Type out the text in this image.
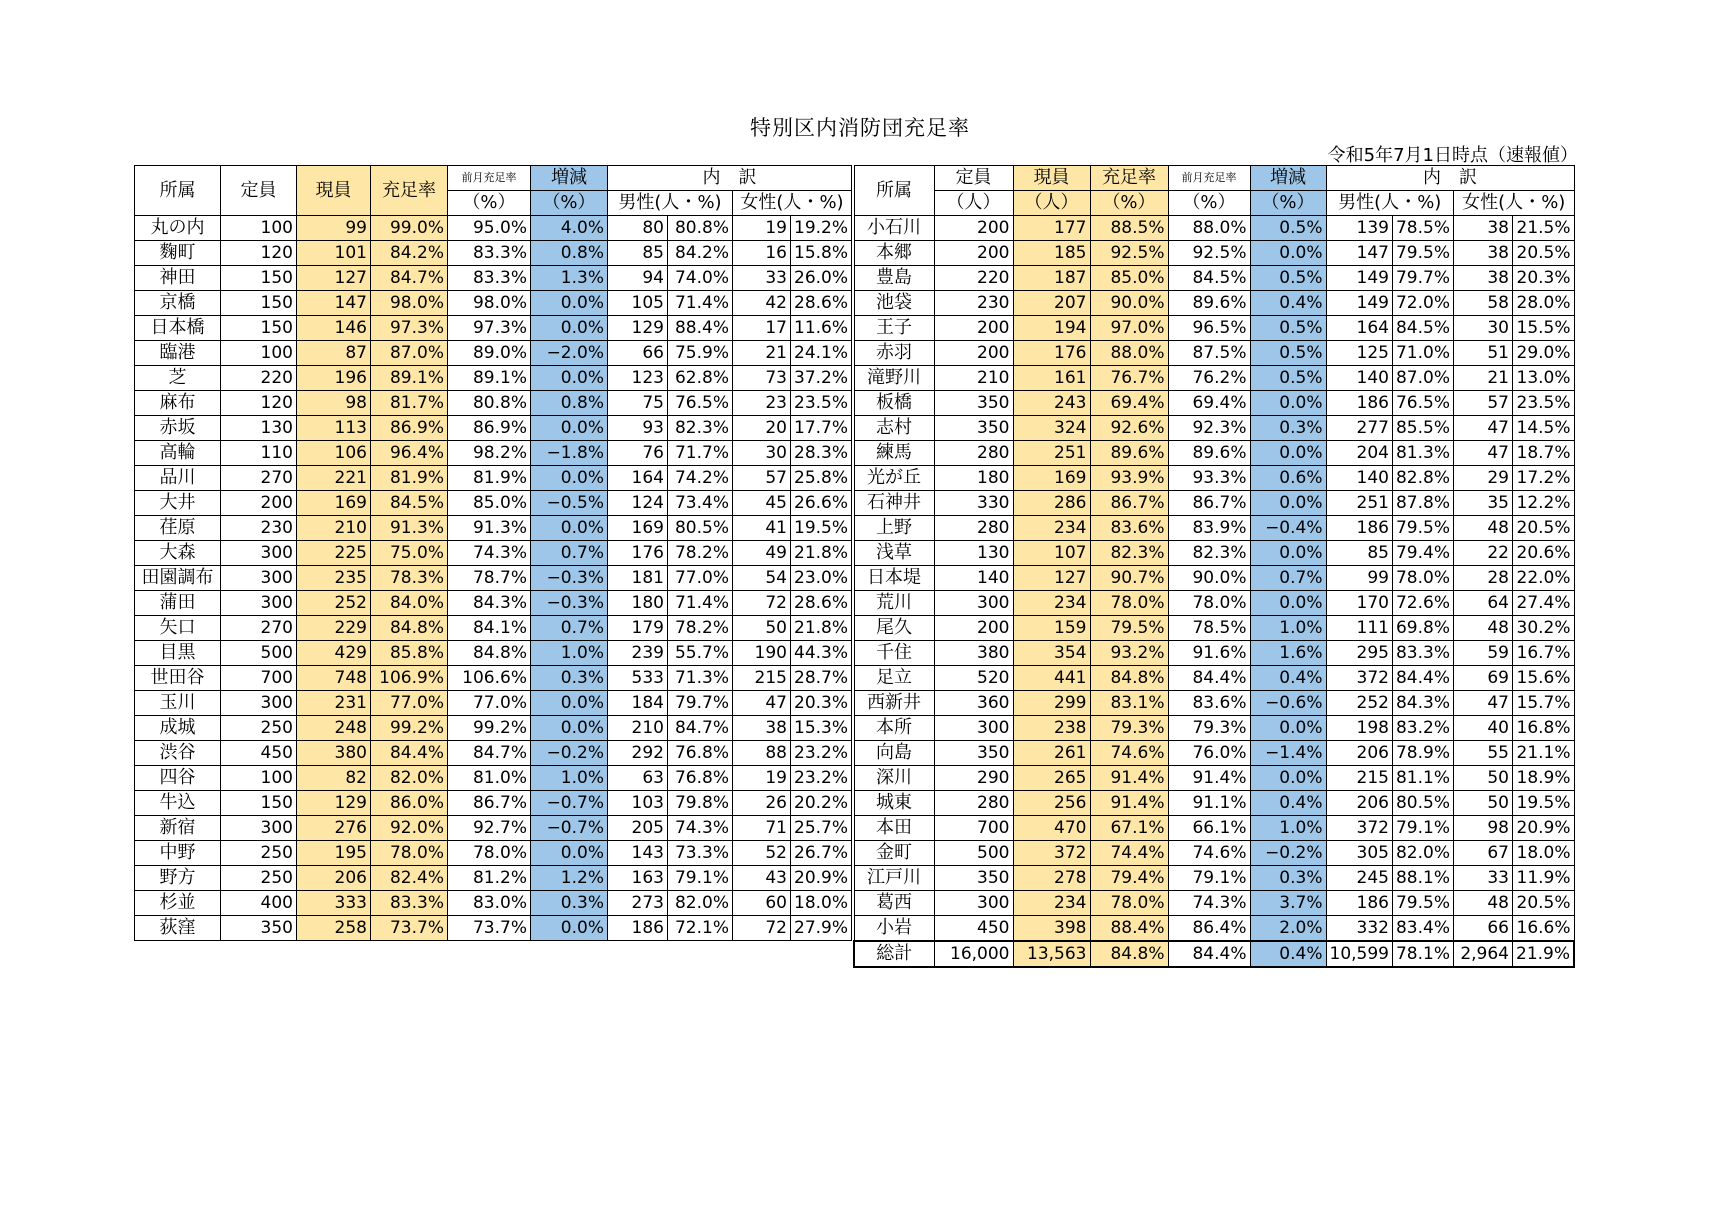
特別区内消防団充足率
令和5年7月1日時点（速報値）
所属	定員	現員	充足率	前月充足率	増減	内　訳			
				（%）	（%）	男性(人・%)		女性(人・%)	
丸の内	100	99	99.0%	95.0%	4.0%	80	80.8%	19	19.2%
麴町	120	101	84.2%	83.3%	0.8%	85	84.2%	16	15.8%
神田	150	127	84.7%	83.3%	1.3%	94	74.0%	33	26.0%
京橋	150	147	98.0%	98.0%	0.0%	105	71.4%	42	28.6%
日本橋	150	146	97.3%	97.3%	0.0%	129	88.4%	17	11.6%
臨港	100	87	87.0%	89.0%	−2.0%	66	75.9%	21	24.1%
芝	220	196	89.1%	89.1%	0.0%	123	62.8%	73	37.2%
麻布	120	98	81.7%	80.8%	0.8%	75	76.5%	23	23.5%
赤坂	130	113	86.9%	86.9%	0.0%	93	82.3%	20	17.7%
高輪	110	106	96.4%	98.2%	−1.8%	76	71.7%	30	28.3%
品川	270	221	81.9%	81.9%	0.0%	164	74.2%	57	25.8%
大井	200	169	84.5%	85.0%	−0.5%	124	73.4%	45	26.6%
荏原	230	210	91.3%	91.3%	0.0%	169	80.5%	41	19.5%
大森	300	225	75.0%	74.3%	0.7%	176	78.2%	49	21.8%
田園調布	300	235	78.3%	78.7%	−0.3%	181	77.0%	54	23.0%
蒲田	300	252	84.0%	84.3%	−0.3%	180	71.4%	72	28.6%
矢口	270	229	84.8%	84.1%	0.7%	179	78.2%	50	21.8%
目黒	500	429	85.8%	84.8%	1.0%	239	55.7%	190	44.3%
世田谷	700	748	106.9%	106.6%	0.3%	533	71.3%	215	28.7%
玉川	300	231	77.0%	77.0%	0.0%	184	79.7%	47	20.3%
成城	250	248	99.2%	99.2%	0.0%	210	84.7%	38	15.3%
渋谷	450	380	84.4%	84.7%	−0.2%	292	76.8%	88	23.2%
四谷	100	82	82.0%	81.0%	1.0%	63	76.8%	19	23.2%
牛込	150	129	86.0%	86.7%	−0.7%	103	79.8%	26	20.2%
新宿	300	276	92.0%	92.7%	−0.7%	205	74.3%	71	25.7%
中野	250	195	78.0%	78.0%	0.0%	143	73.3%	52	26.7%
野方	250	206	82.4%	81.2%	1.2%	163	79.1%	43	20.9%
杉並	400	333	83.3%	83.0%	0.3%	273	82.0%	60	18.0%
荻窪	350	258	73.7%	73.7%	0.0%	186	72.1%	72	27.9%
所属	定員	現員	充足率	前月充足率	増減	内　訳			
	（人）	（人）	（%）	（%）	（%）	男性(人・%)		女性(人・%)	
小石川	200	177	88.5%	88.0%	0.5%	139	78.5%	38	21.5%
本郷	200	185	92.5%	92.5%	0.0%	147	79.5%	38	20.5%
豊島	220	187	85.0%	84.5%	0.5%	149	79.7%	38	20.3%
池袋	230	207	90.0%	89.6%	0.4%	149	72.0%	58	28.0%
王子	200	194	97.0%	96.5%	0.5%	164	84.5%	30	15.5%
赤羽	200	176	88.0%	87.5%	0.5%	125	71.0%	51	29.0%
滝野川	210	161	76.7%	76.2%	0.5%	140	87.0%	21	13.0%
板橋	350	243	69.4%	69.4%	0.0%	186	76.5%	57	23.5%
志村	350	324	92.6%	92.3%	0.3%	277	85.5%	47	14.5%
練馬	280	251	89.6%	89.6%	0.0%	204	81.3%	47	18.7%
光が丘	180	169	93.9%	93.3%	0.6%	140	82.8%	29	17.2%
石神井	330	286	86.7%	86.7%	0.0%	251	87.8%	35	12.2%
上野	280	234	83.6%	83.9%	−0.4%	186	79.5%	48	20.5%
浅草	130	107	82.3%	82.3%	0.0%	85	79.4%	22	20.6%
日本堤	140	127	90.7%	90.0%	0.7%	99	78.0%	28	22.0%
荒川	300	234	78.0%	78.0%	0.0%	170	72.6%	64	27.4%
尾久	200	159	79.5%	78.5%	1.0%	111	69.8%	48	30.2%
千住	380	354	93.2%	91.6%	1.6%	295	83.3%	59	16.7%
足立	520	441	84.8%	84.4%	0.4%	372	84.4%	69	15.6%
西新井	360	299	83.1%	83.6%	−0.6%	252	84.3%	47	15.7%
本所	300	238	79.3%	79.3%	0.0%	198	83.2%	40	16.8%
向島	350	261	74.6%	76.0%	−1.4%	206	78.9%	55	21.1%
深川	290	265	91.4%	91.4%	0.0%	215	81.1%	50	18.9%
城東	280	256	91.4%	91.1%	0.4%	206	80.5%	50	19.5%
本田	700	470	67.1%	66.1%	1.0%	372	79.1%	98	20.9%
金町	500	372	74.4%	74.6%	−0.2%	305	82.0%	67	18.0%
江戸川	350	278	79.4%	79.1%	0.3%	245	88.1%	33	11.9%
葛西	300	234	78.0%	74.3%	3.7%	186	79.5%	48	20.5%
小岩	450	398	88.4%	86.4%	2.0%	332	83.4%	66	16.6%
総計	16,000	13,563	84.8%	84.4%	0.4%	10,599	78.1%	2,964	21.9%
